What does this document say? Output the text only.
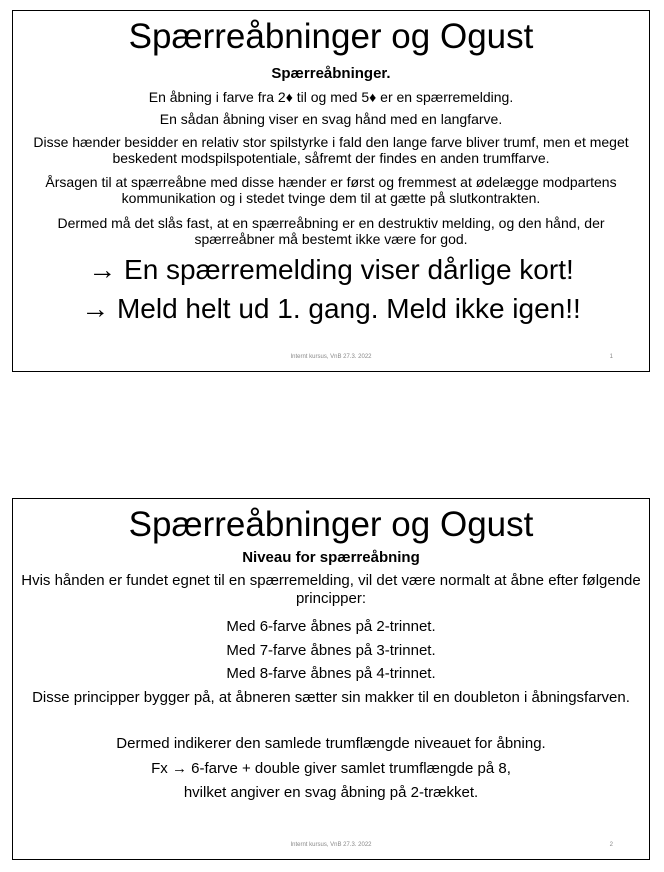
Spærreåbninger og Ogust
Spærreåbninger.
En åbning i farve fra 2♦ til og med 5♦ er en spærremelding.
En sådan åbning viser en svag hånd med en langfarve.
Disse hænder besidder en relativ stor spilstyrke i fald den lange farve bliver trumf, men et meget beskedent modspilspotentiale, såfremt der findes en anden trumffarve.
Årsagen til at spærreåbne med disse hænder er først og fremmest at ødelægge modpartens kommunikation og i stedet tvinge dem til at gætte på slutkontrakten.
Dermed må det slås fast, at en spærreåbning er en destruktiv melding, og den hånd, der spærreåbner må bestemt ikke være for god.
→ En spærremelding viser dårlige kort!
→ Meld helt ud 1. gang. Meld ikke igen!!
Internt kursus, VnB 27.3. 2022	1
Spærreåbninger og Ogust
Niveau for spærreåbning
Hvis hånden er fundet egnet til en spærremelding, vil det være normalt at åbne efter følgende principper:
Med 6-farve åbnes på 2-trinnet.
Med 7-farve åbnes på 3-trinnet.
Med 8-farve åbnes på 4-trinnet.
Disse principper bygger på, at åbneren sætter sin makker til en doubleton i åbningsfarven.
Dermed indikerer den samlede trumflængde niveauet for åbning.
Fx → 6-farve + double giver samlet trumflængde på 8,
hvilket angiver en svag åbning på 2-trækket.
Internt kursus, VnB 27.3. 2022	2
